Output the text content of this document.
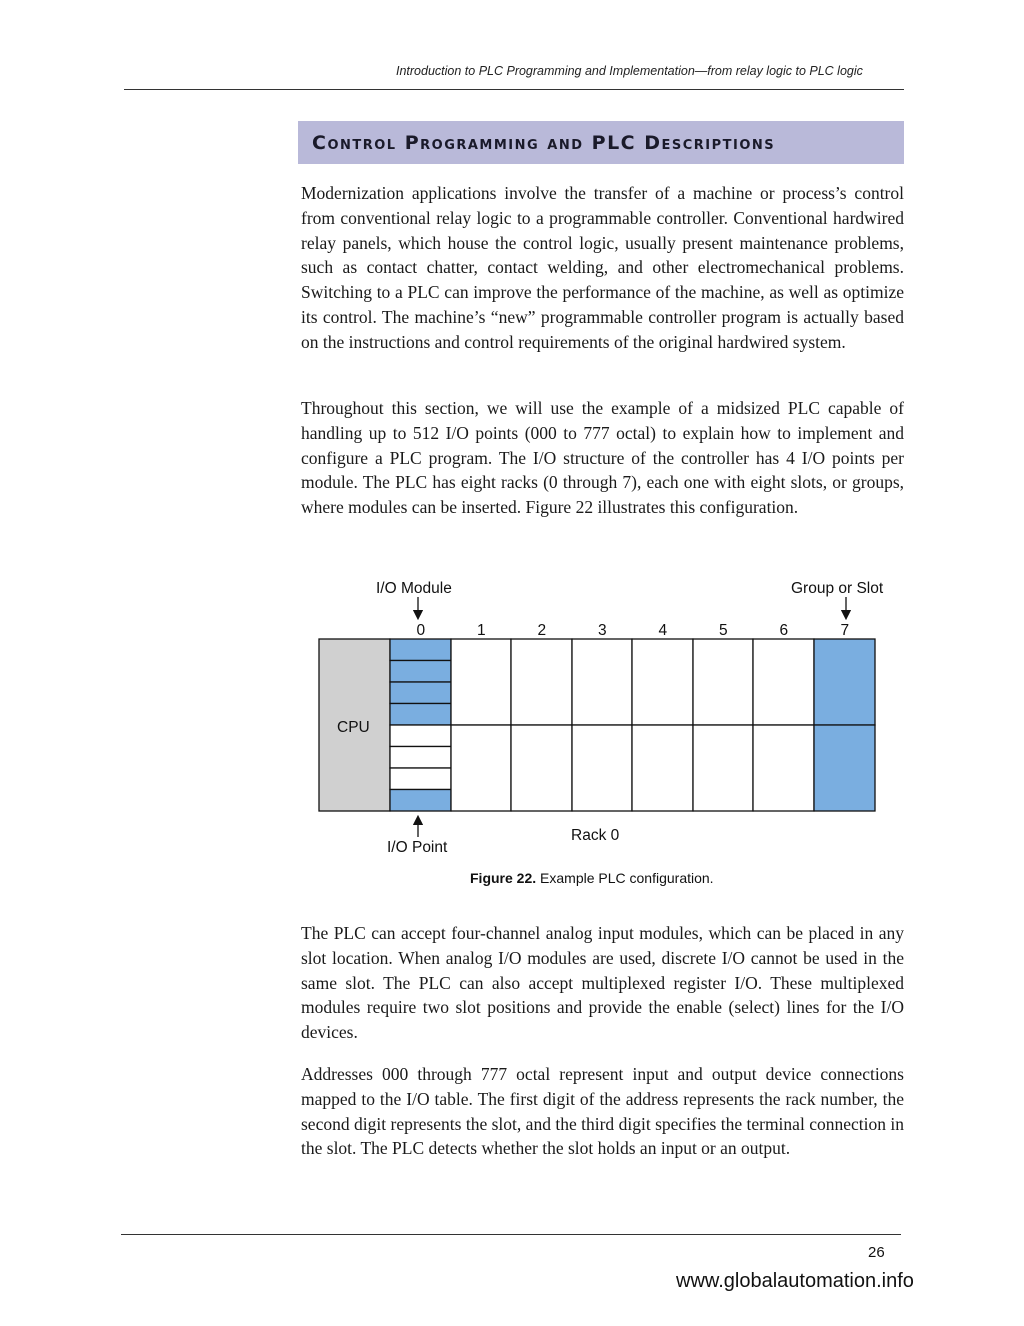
Introduction to PLC Programming and Implementation—from relay logic to PLC logic
Control Programming and PLC Descriptions

Modernization applications involve the transfer of a machine or process’s control from conventional relay logic to a programmable controller. Conventional hardwired relay panels, which house the control logic, usually present maintenance problems, such as contact chatter, contact welding, and other electromechanical problems. Switching to a PLC can improve the performance of the machine, as well as optimize its control. The machine’s “new” programmable controller program is actually based on the instructions and control requirements of the original hardwired system.

Throughout this section, we will use the example of a midsized PLC capable of handling up to 512 I/O points (000 to 777 octal) to explain how to implement and configure a PLC program. The I/O structure of the controller has 4 I/O points per module. The PLC has eight racks (0 through 7), each one with eight slots, or groups, where modules can be inserted. Figure 22 illustrates this configuration.

I/O Module	Group or Slot
0	1	2	3	4	5	6	7
CPU
I/O Point
Rack 0
Figure 22. Example PLC configuration.

The PLC can accept four-channel analog input modules, which can be placed in any slot location. When analog I/O modules are used, discrete I/O cannot be used in the same slot. The PLC can also accept multiplexed register I/O. These multiplexed modules require two slot positions and provide the enable (select) lines for the I/O devices.

Addresses 000 through 777 octal represent input and output device connections mapped to the I/O table. The first digit of the address represents the rack number, the second digit represents the slot, and the third digit specifies the terminal connection in the slot. The PLC detects whether the slot holds an input or an output.

26
www.globalautomation.info
